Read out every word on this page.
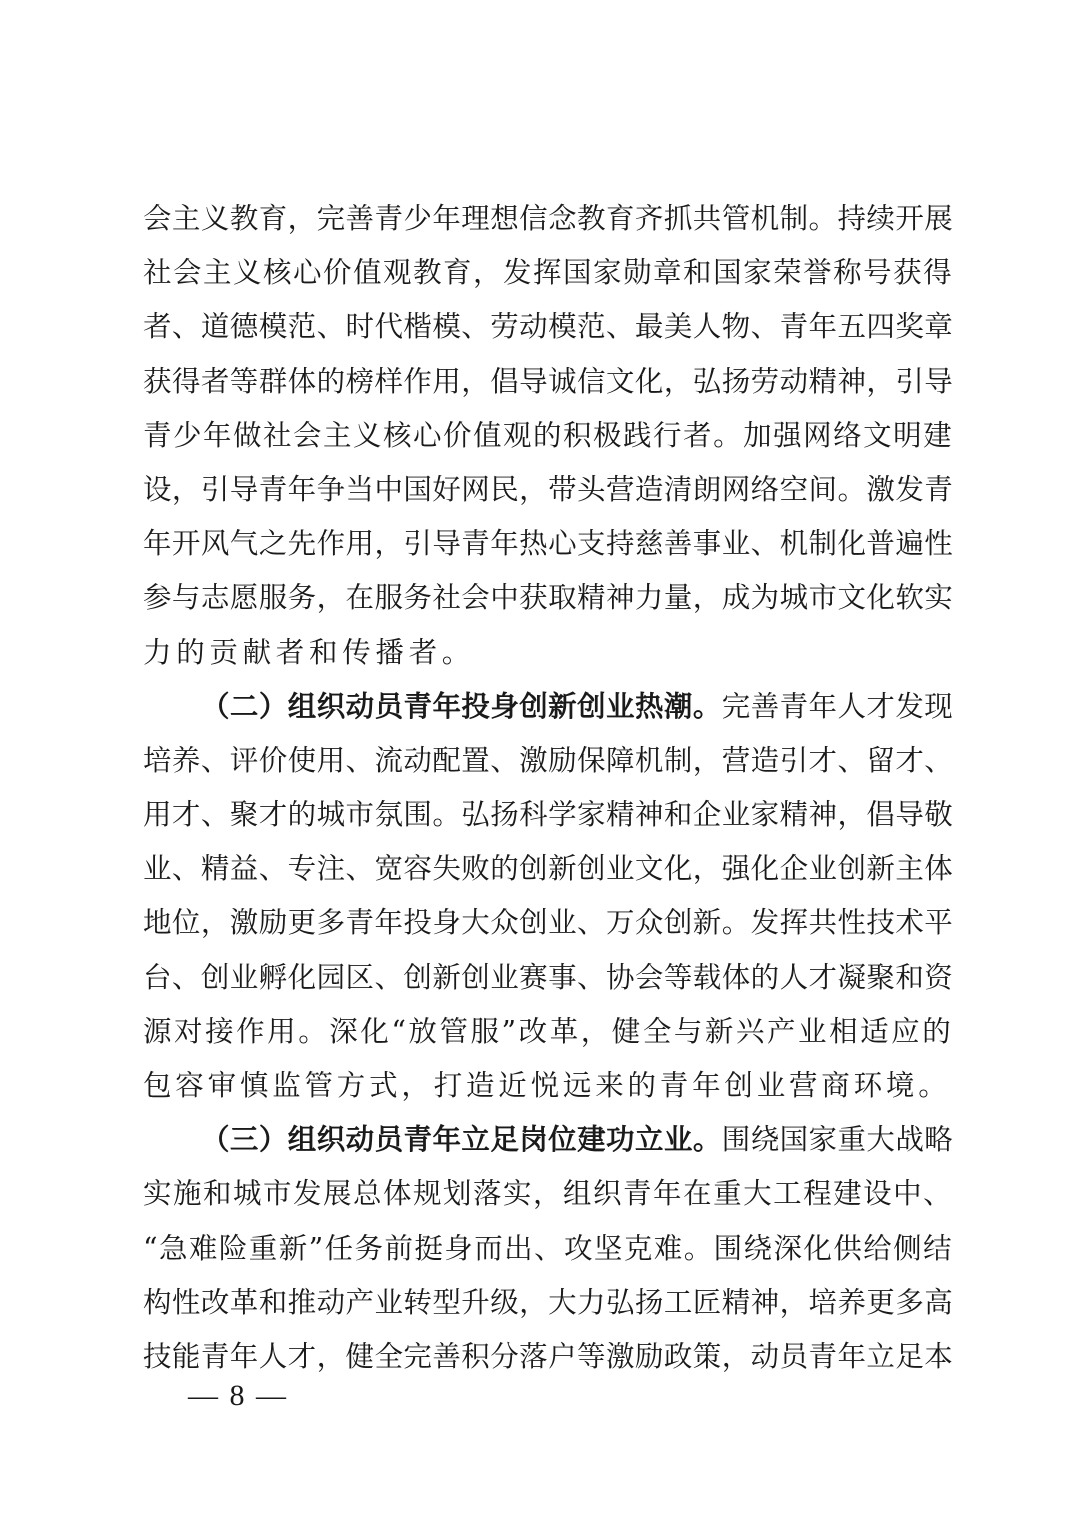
会主义教育，完善青少年理想信念教育齐抓共管机制。持续开展
社会主义核心价值观教育，发挥国家勋章和国家荣誉称号获得
者、道德模范、时代楷模、劳动模范、最美人物、青年五四奖章
获得者等群体的榜样作用，倡导诚信文化，弘扬劳动精神，引导
青少年做社会主义核心价值观的积极践行者。加强网络文明建
设，引导青年争当中国好网民，带头营造清朗网络空间。激发青
年开风气之先作用，引导青年热心支持慈善事业、机制化普遍性
参与志愿服务，在服务社会中获取精神力量，成为城市文化软实
力的贡献者和传播者。
（二）组织动员青年投身创新创业热潮。完善青年人才发现
培养、评价使用、流动配置、激励保障机制，营造引才、留才、
用才、聚才的城市氛围。弘扬科学家精神和企业家精神，倡导敬
业、精益、专注、宽容失败的创新创业文化，强化企业创新主体
地位，激励更多青年投身大众创业、万众创新。发挥共性技术平
台、创业孵化园区、创新创业赛事、协会等载体的人才凝聚和资
源对接作用。深化“放管服”改革，健全与新兴产业相适应的
包容审慎监管方式，打造近悦远来的青年创业营商环境。
（三）组织动员青年立足岗位建功立业。围绕国家重大战略
实施和城市发展总体规划落实，组织青年在重大工程建设中、
“急难险重新”任务前挺身而出、攻坚克难。围绕深化供给侧结
构性改革和推动产业转型升级，大力弘扬工匠精神，培养更多高
技能青年人才，健全完善积分落户等激励政策，动员青年立足本
— 8 —
